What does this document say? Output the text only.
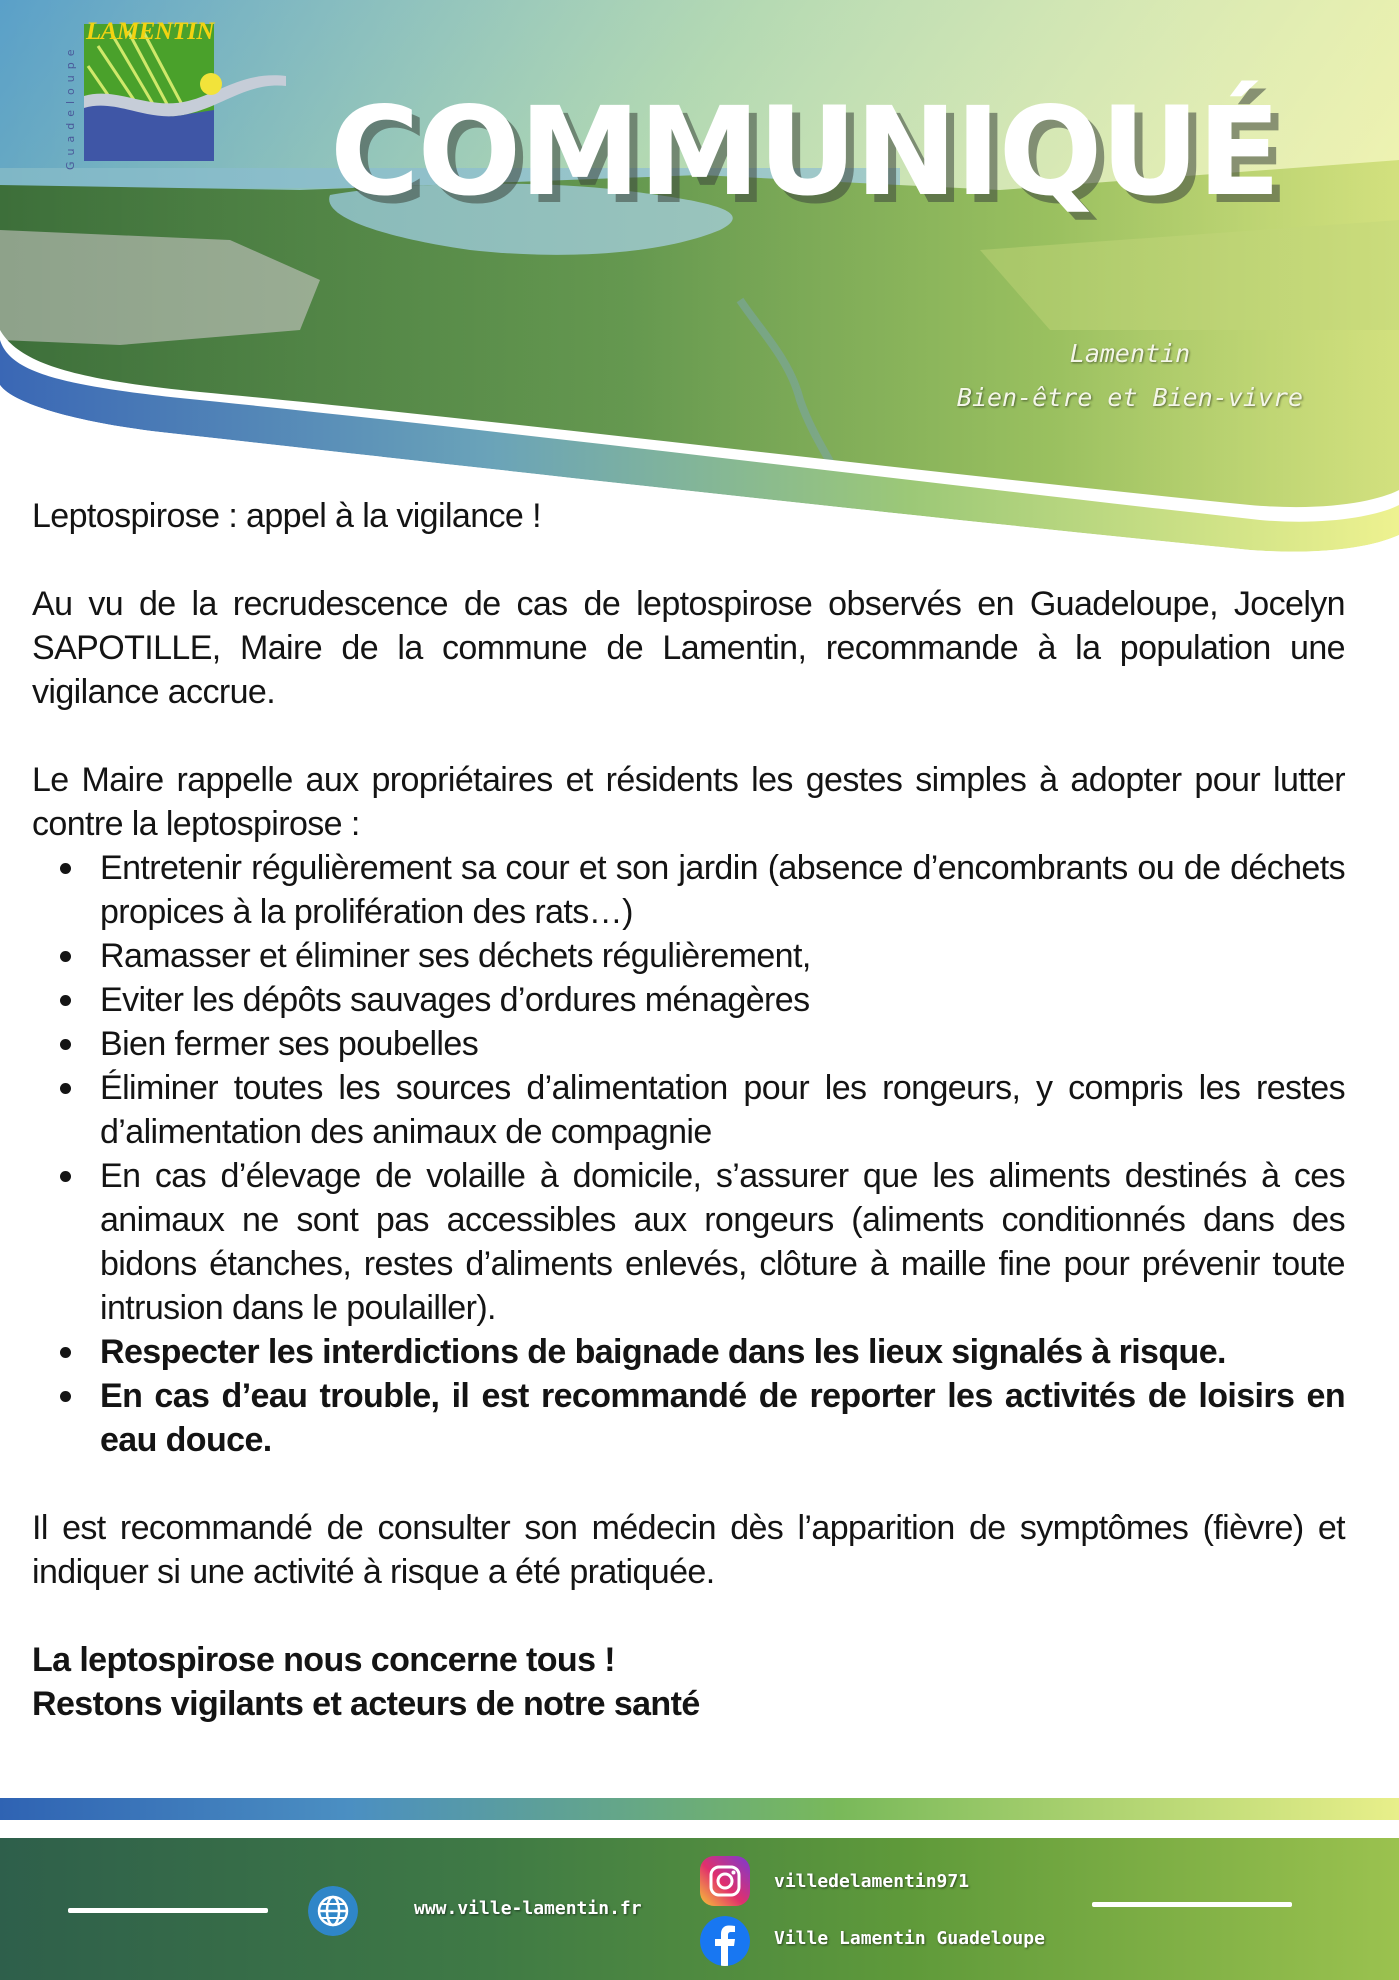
Guadeloupe
LAMENTIN
COMMUNIQUÉ
Lamentin
Bien-être et Bien-vivre

Leptospirose : appel à la vigilance !

Au vu de la recrudescence de cas de leptospirose observés en Guadeloupe, Jocelyn SAPOTILLE, Maire de la commune de Lamentin, recommande à la population une vigilance accrue.

Le Maire rappelle aux propriétaires et résidents les gestes simples à adopter pour lutter contre la leptospirose :

Entretenir régulièrement sa cour et son jardin (absence d’encombrants ou de déchets propices à la prolifération des rats…)
Ramasser et éliminer ses déchets régulièrement,
Eviter les dépôts sauvages d’ordures ménagères
Bien fermer ses poubelles
Éliminer toutes les sources d’alimentation pour les rongeurs, y compris les restes d’alimentation des animaux de compagnie
En cas d’élevage de volaille à domicile, s’assurer que les aliments destinés à ces animaux ne sont pas accessibles aux rongeurs (aliments conditionnés dans des bidons étanches, restes d’aliments enlevés, clôture à maille fine pour prévenir toute intrusion dans le poulailler).
Respecter les interdictions de baignade dans les lieux signalés à risque.
En cas d’eau trouble, il est recommandé de reporter les activités de loisirs en eau douce.

Il est recommandé de consulter son médecin dès l’apparition de symptômes (fièvre) et indiquer si une activité à risque a été pratiquée.

La leptospirose nous concerne tous !

Restons vigilants et acteurs de notre santé

www.ville-lamentin.fr
villedelamentin971
Ville Lamentin Guadeloupe
